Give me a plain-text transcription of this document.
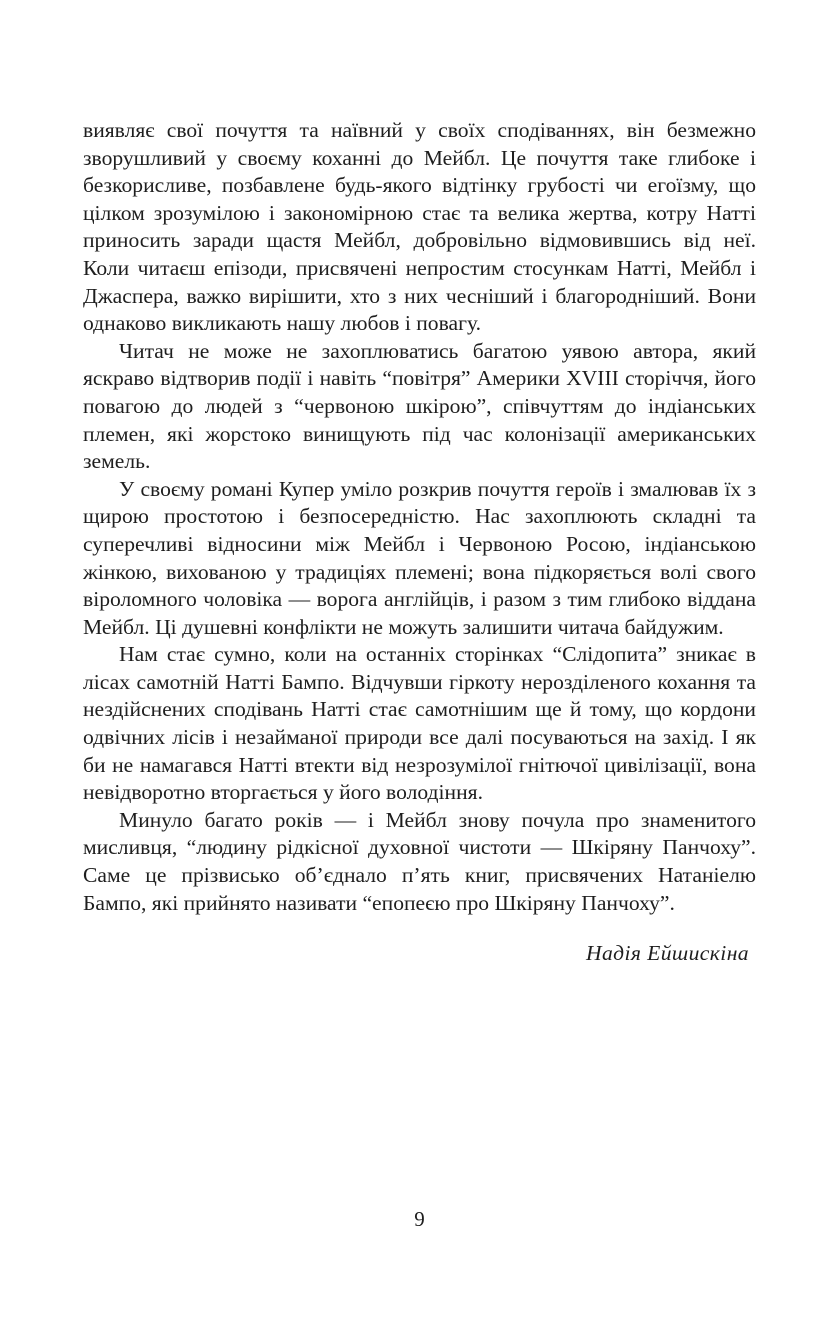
виявляє свої почуття та наївний у своїх сподіваннях, він безмежно зворушливий у своєму коханні до Мейбл. Це почуття таке глибоке і безкорисливе, позбавлене будь-якого відтінку грубості чи егоїзму, що цілком зрозумілою і закономірною стає та велика жертва, котру Натті приносить заради щастя Мейбл, добровільно відмовившись від неї. Коли читаєш епізоди, присвячені непростим стосункам Натті, Мейбл і Джаспера, важко вирішити, хто з них чесніший і благородніший. Вони однаково викликають нашу любов і повагу.

Читач не може не захоплюватись багатою уявою автора, який яскраво відтворив події і навіть “повітря” Америки XVIII сторіччя, його повагою до людей з “червоною шкірою”, співчуттям до індіанських племен, які жорстоко винищують під час колонізації американських земель.

У своєму романі Купер уміло розкрив почуття героїв і змалював їх з щирою простотою і безпосередністю. Нас захоплюють складні та суперечливі відносини між Мейбл і Червоною Росою, індіанською жінкою, вихованою у традиціях племені; вона підкоряється волі свого віроломного чоловіка — ворога англійців, і разом з тим глибоко віддана Мейбл. Ці душевні конфлікти не можуть залишити читача байдужим.

Нам стає сумно, коли на останніх сторінках “Слідопита” зникає в лісах самотній Натті Бампо. Відчувши гіркоту нерозділеного кохання та нездійснених сподівань Натті стає самотнішим ще й тому, що кордони одвічних лісів і незайманої природи все далі посуваються на захід. І як би не намагався Натті втекти від незрозумілої гнітючої цивілізації, вона невідворотно вторгається у його володіння.

Минуло багато років — і Мейбл знову почула про знаменитого мисливця, “людину рідкісної духовної чистоти — Шкіряну Панчоху”. Саме це прізвисько об’єднало п’ять книг, присвячених Натаніелю Бампо, які прийнято називати “епопеєю про Шкіряну Панчоху”.

Надія Ейшискіна
9
